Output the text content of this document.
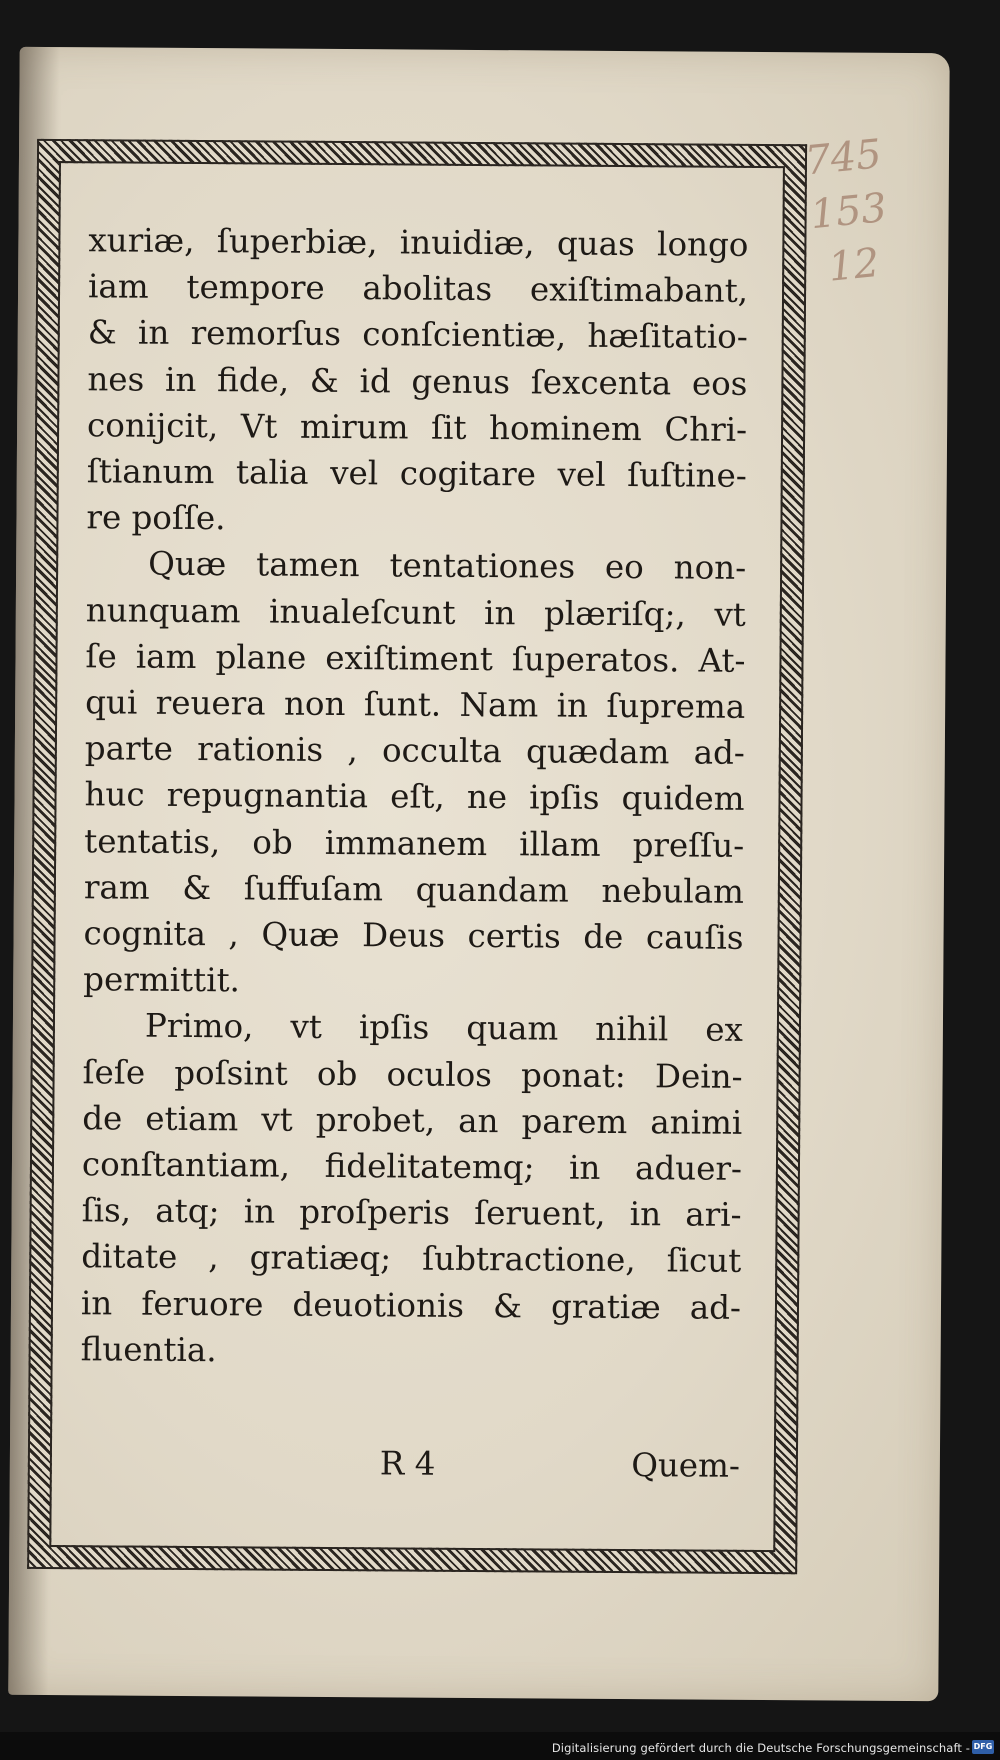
745
153
12
xuriæ, ſuperbiæ, inuidiæ, quas longo
iam tempore abolitas exiſtimabant,
& in remorſus conſcientiæ, hæſitatio-
nes in fide, & id genus ſexcenta eos
conijcit, Vt mirum ſit hominem Chri-
ſtianum talia vel cogitare vel ſuſtine-
re poſſe.
Quæ tamen tentationes eo non-
nunquam inualeſcunt in plæriſq;, vt
ſe iam plane exiſtiment ſuperatos. At-
qui reuera non ſunt. Nam in ſuprema
parte rationis , occulta quædam ad-
huc repugnantia eſt, ne ipſis quidem
tentatis, ob immanem illam preſſu-
ram & ſuffuſam quandam nebulam
cognita , Quæ Deus certis de cauſis
permittit.
Primo, vt ipſis quam nihil ex
ſeſe poſsint ob oculos ponat: Dein-
de etiam vt probet, an parem animi
conſtantiam, fidelitatemq; in aduer-
ſis, atq; in proſperis ſeruent, in ari-
ditate , gratiæq; ſubtractione, ſicut
in feruore deuotionis & gratiæ ad-
fluentia.
R 4	Quem-
Digitalisierung gefördert durch die Deutsche Forschungsgemeinschaft - DFG
